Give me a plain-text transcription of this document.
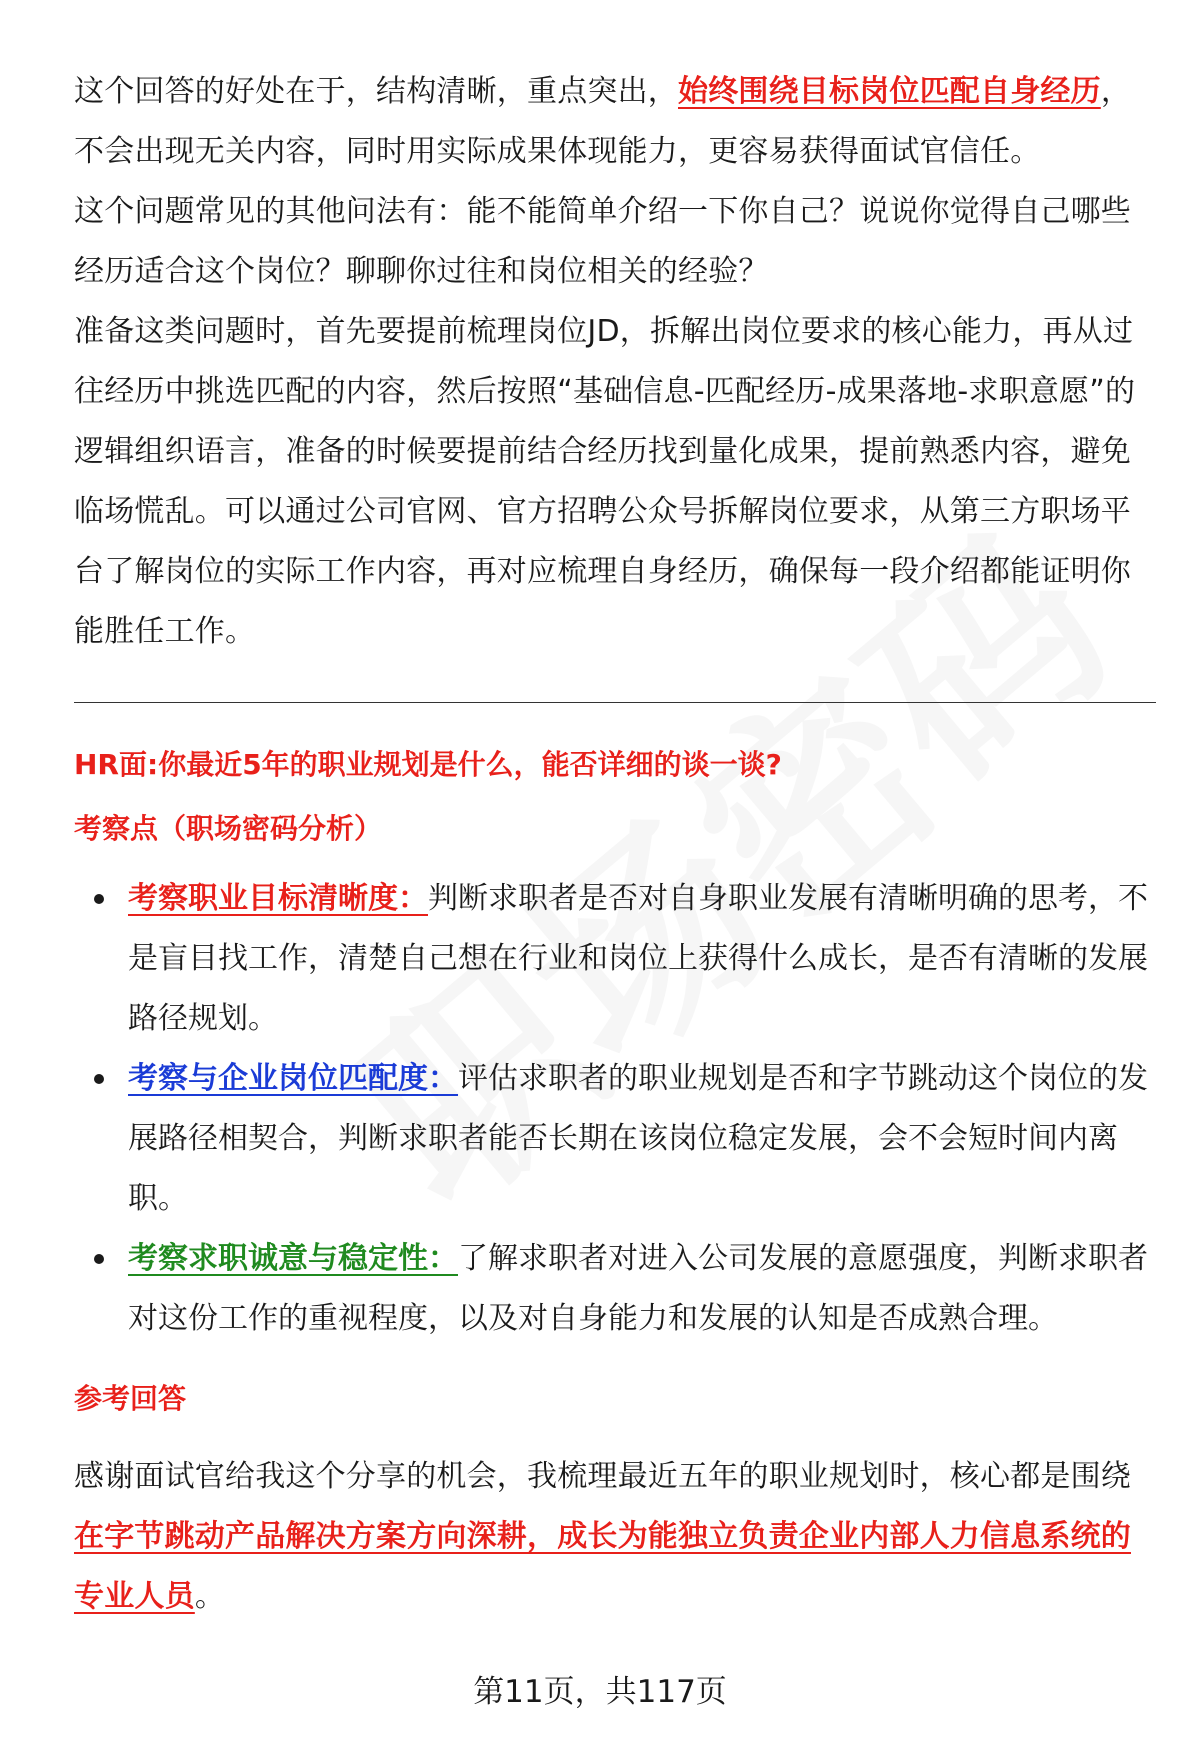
这个回答的好处在于，结构清晰，重点突出，始终围绕目标岗位匹配自身经历，不会出现无关内容，同时用实际成果体现能力，更容易获得面试官信任。

这个问题常见的其他问法有：能不能简单介绍一下你自己？说说你觉得自己哪些经历适合这个岗位？聊聊你过往和岗位相关的经验？

准备这类问题时，首先要提前梳理岗位JD，拆解出岗位要求的核心能力，再从过往经历中挑选匹配的内容，然后按照“基础信息-匹配经历-成果落地-求职意愿”的逻辑组织语言，准备的时候要提前结合经历找到量化成果，提前熟悉内容，避免临场慌乱。可以通过公司官网、官方招聘公众号拆解岗位要求，从第三方职场平台了解岗位的实际工作内容，再对应梳理自身经历，确保每一段介绍都能证明你能胜任工作。

HR面:你最近5年的职业规划是什么，能否详细的谈一谈?
考察点（职场密码分析）
考察职业目标清晰度：判断求职者是否对自身职业发展有清晰明确的思考，不是盲目找工作，清楚自己想在行业和岗位上获得什么成长，是否有清晰的发展路径规划。
考察与企业岗位匹配度：评估求职者的职业规划是否和字节跳动这个岗位的发展路径相契合，判断求职者能否长期在该岗位稳定发展，会不会短时间内离职。
考察求职诚意与稳定性：了解求职者对进入公司发展的意愿强度，判断求职者对这份工作的重视程度，以及对自身能力和发展的认知是否成熟合理。
参考回答

感谢面试官给我这个分享的机会，我梳理最近五年的职业规划时，核心都是围绕在字节跳动产品解决方案方向深耕，成长为能独立负责企业内部人力信息系统的专业人员。

第11页，共117页
